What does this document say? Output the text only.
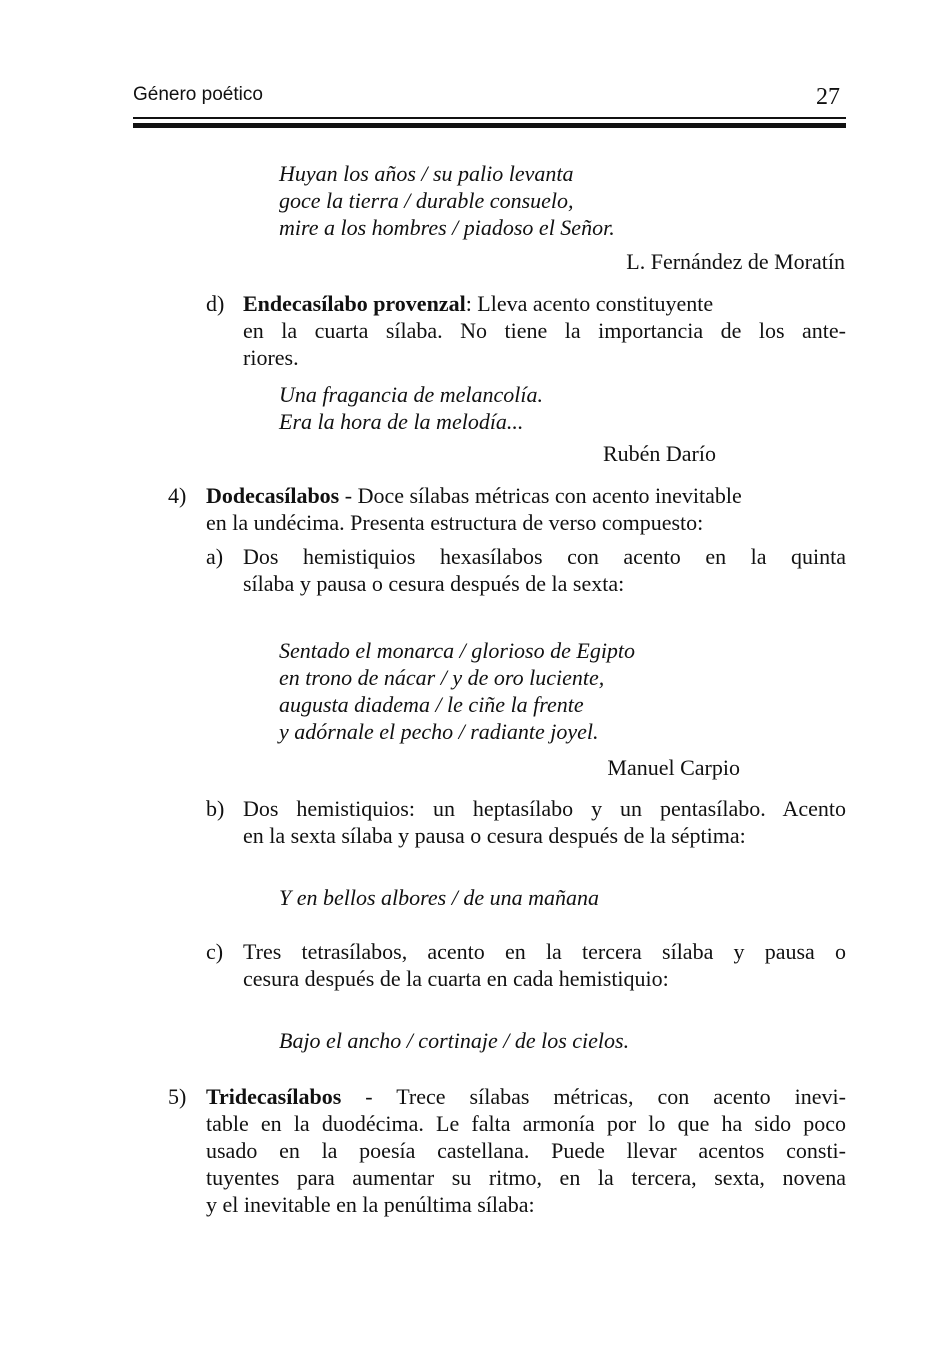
Género poético	27
Huyan los años / su palio levanta
goce la tierra / durable consuelo,
mire a los hombres / piadoso el Señor.
L. Fernández de Moratín
d) Endecasílabo provenzal: Lleva acento constituyente
en la cuarta sílaba. No tiene la importancia de los ante-
riores.
Una fragancia de melancolía.
Era la hora de la melodía...
Rubén Darío
4) Dodecasílabos - Doce sílabas métricas con acento inevitable
en la undécima. Presenta estructura de verso compuesto:
a) Dos hemistiquios hexasílabos con acento en la quinta
sílaba y pausa o cesura después de la sexta:
Sentado el monarca / glorioso de Egipto
en trono de nácar / y de oro luciente,
augusta diadema / le ciñe la frente
y adórnale el pecho / radiante joyel.
Manuel Carpio
b) Dos hemistiquios: un heptasílabo y un pentasílabo. Acento
en la sexta sílaba y pausa o cesura después de la séptima:
Y en bellos albores / de una mañana
c) Tres tetrasílabos, acento en la tercera sílaba y pausa o
cesura después de la cuarta en cada hemistiquio:
Bajo el ancho / cortinaje / de los cielos.
5) Tridecasílabos - Trece sílabas métricas, con acento inevi-
table en la duodécima. Le falta armonía por lo que ha sido poco
usado en la poesía castellana. Puede llevar acentos consti-
tuyentes para aumentar su ritmo, en la tercera, sexta, novena
y el inevitable en la penúltima sílaba:
